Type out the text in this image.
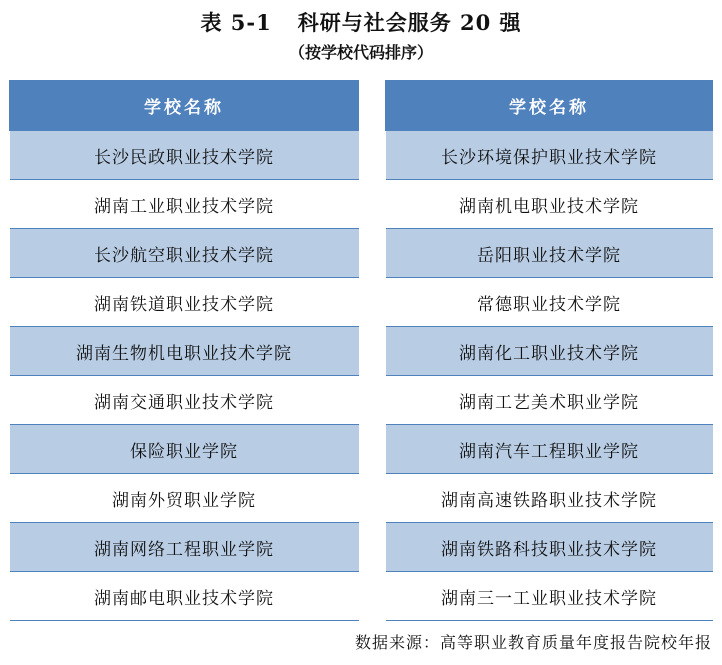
表 5-1 科研与社会服务 20 强
（按学校代码排序）
学校名称
长沙民政职业技术学院
湖南工业职业技术学院
长沙航空职业技术学院
湖南铁道职业技术学院
湖南生物机电职业技术学院
湖南交通职业技术学院
保险职业学院
湖南外贸职业学院
湖南网络工程职业学院
湖南邮电职业技术学院
学校名称
长沙环境保护职业技术学院
湖南机电职业技术学院
岳阳职业技术学院
常德职业技术学院
湖南化工职业技术学院
湖南工艺美术职业学院
湖南汽车工程职业学院
湖南高速铁路职业技术学院
湖南铁路科技职业技术学院
湖南三一工业职业技术学院
数据来源：高等职业教育质量年度报告院校年报
